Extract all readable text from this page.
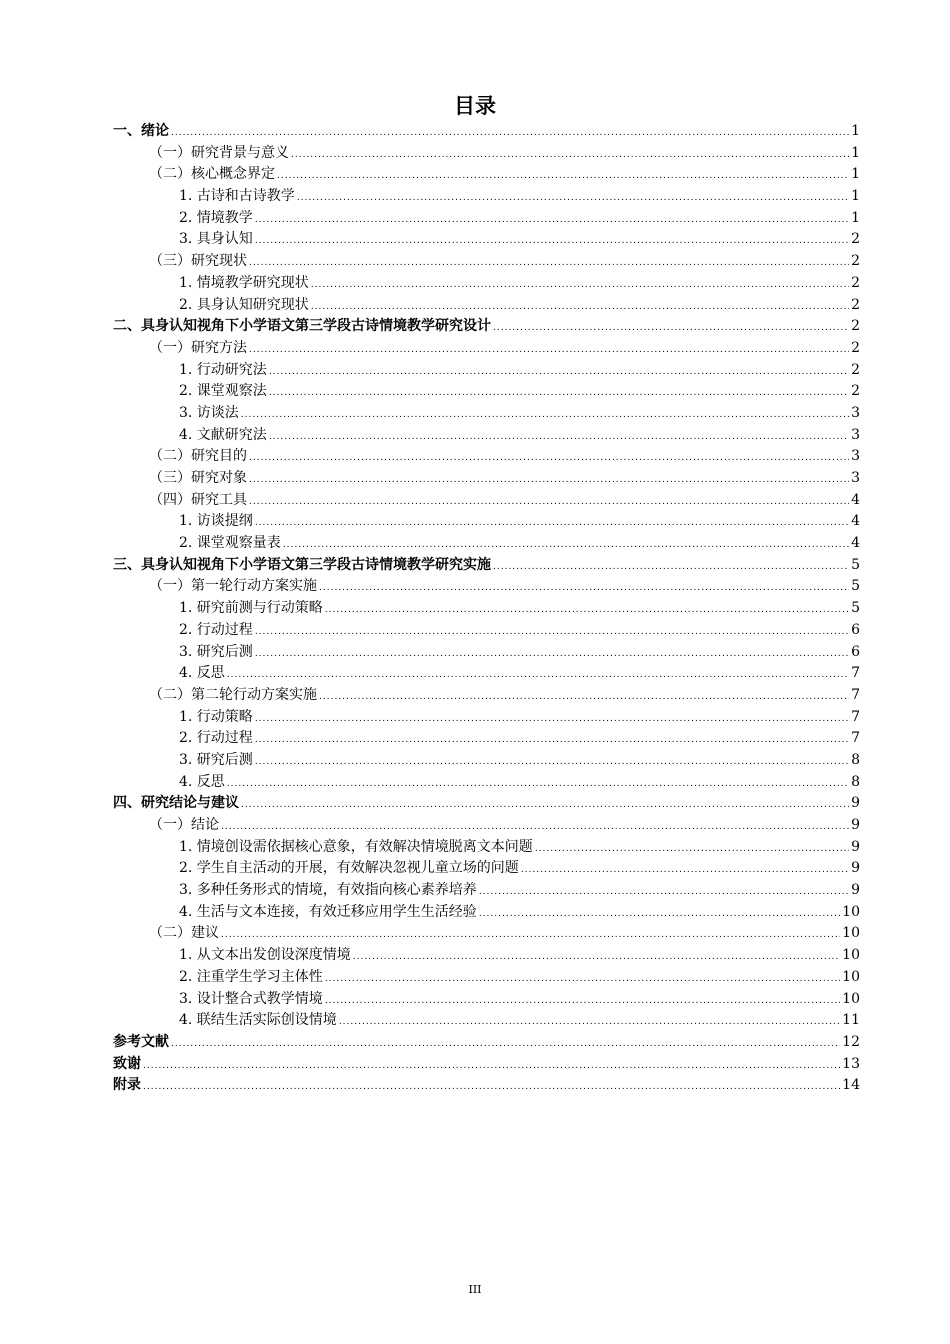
目录
一、绪论 .....	1
（一）研究背景与意义 .....	1
（二）核心概念界定 .....	1
1. 古诗和古诗教学 .....	1
2. 情境教学 .....	1
3. 具身认知 .....	2
（三）研究现状 .....	2
1. 情境教学研究现状 .....	2
2. 具身认知研究现状 .....	2
二、具身认知视角下小学语文第三学段古诗情境教学研究设计 .....	2
（一）研究方法 .....	2
1. 行动研究法 .....	2
2. 课堂观察法 .....	2
3. 访谈法 .....	3
4. 文献研究法 .....	3
（二）研究目的 .....	3
（三）研究对象 .....	3
（四）研究工具 .....	4
1. 访谈提纲 .....	4
2. 课堂观察量表 .....	4
三、具身认知视角下小学语文第三学段古诗情境教学研究实施 .....	5
（一）第一轮行动方案实施 .....	5
1. 研究前测与行动策略 .....	5
2. 行动过程 .....	6
3. 研究后测 .....	6
4. 反思 .....	7
（二）第二轮行动方案实施 .....	7
1. 行动策略 .....	7
2. 行动过程 .....	7
3. 研究后测 .....	8
4. 反思 .....	8
四、研究结论与建议 .....	9
（一）结论 .....	9
1. 情境创设需依据核心意象，有效解决情境脱离文本问题 .....	9
2. 学生自主活动的开展，有效解决忽视儿童立场的问题 .....	9
3. 多种任务形式的情境，有效指向核心素养培养 .....	9
4. 生活与文本连接，有效迁移应用学生生活经验 .....	10
（二）建议 .....	10
1. 从文本出发创设深度情境 .....	10
2. 注重学生学习主体性 .....	10
3. 设计整合式教学情境 .....	10
4. 联结生活实际创设情境 .....	11
参考文献 .....	12
致谢 .....	13
附录 .....	14
III
